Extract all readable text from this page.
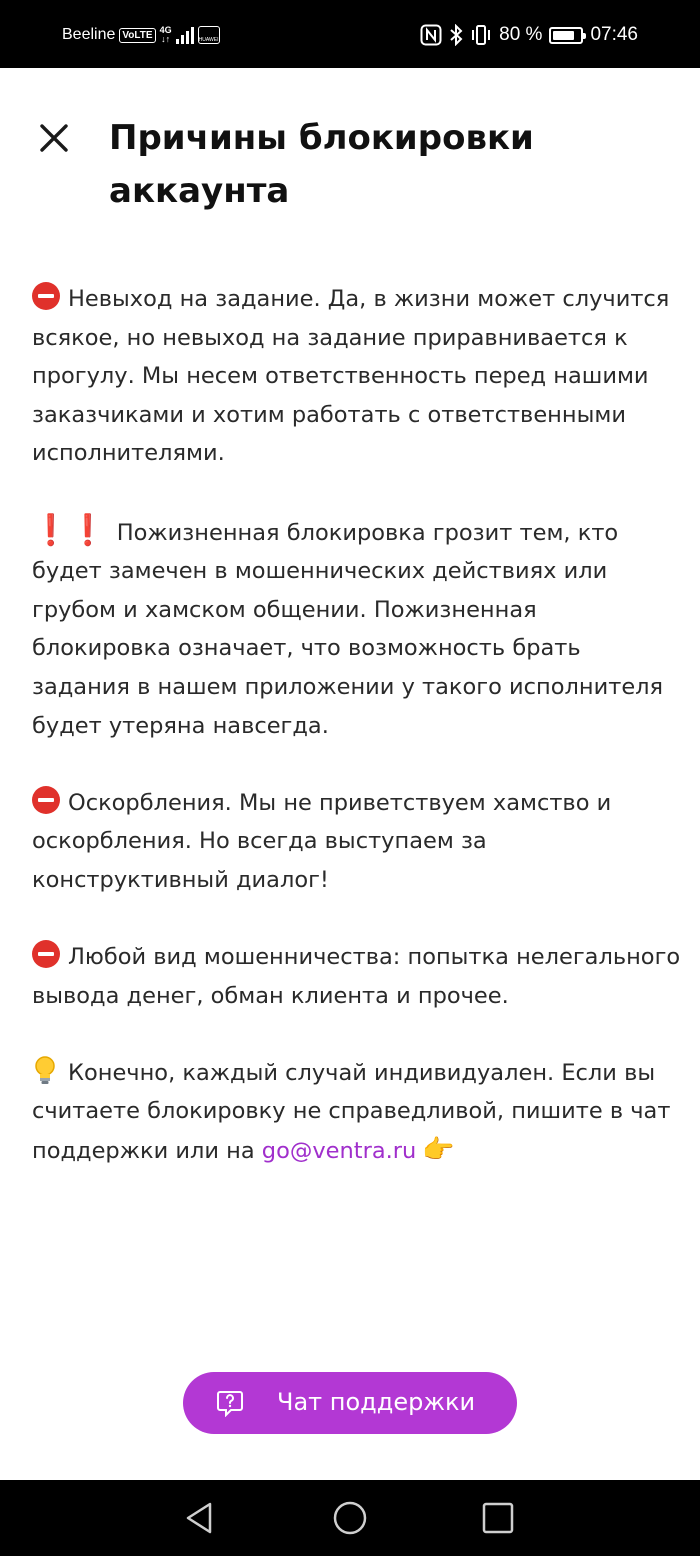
Beeline VoLTE 4G
↓↑	HUAWEI	80 %	07:46
Причины блокировки аккаунта

Невыход на задание. Да, в жизни может случится всякое, но невыход на задание приравнивается к прогулу. Мы несем ответственность перед нашими заказчиками и хотим работать с ответственными исполнителями.

❗❗ Пожизненная блокировка грозит тем, кто будет замечен в мошеннических действиях или грубом и хамском общении. Пожизненная блокировка означает, что возможность брать задания в нашем приложении у такого исполнителя будет утеряна навсегда.

Оскорбления. Мы не приветствуем хамство и оскорбления. Но всегда выступаем за конструктивный диалог!

Любой вид мошенничества: попытка нелегального вывода денег, обман клиента и прочее.

Конечно, каждый случай индивидуален. Если вы считаете блокировку не справедливой, пишите в чат поддержки или на go@ventra.ru 👉

Чат поддержки
